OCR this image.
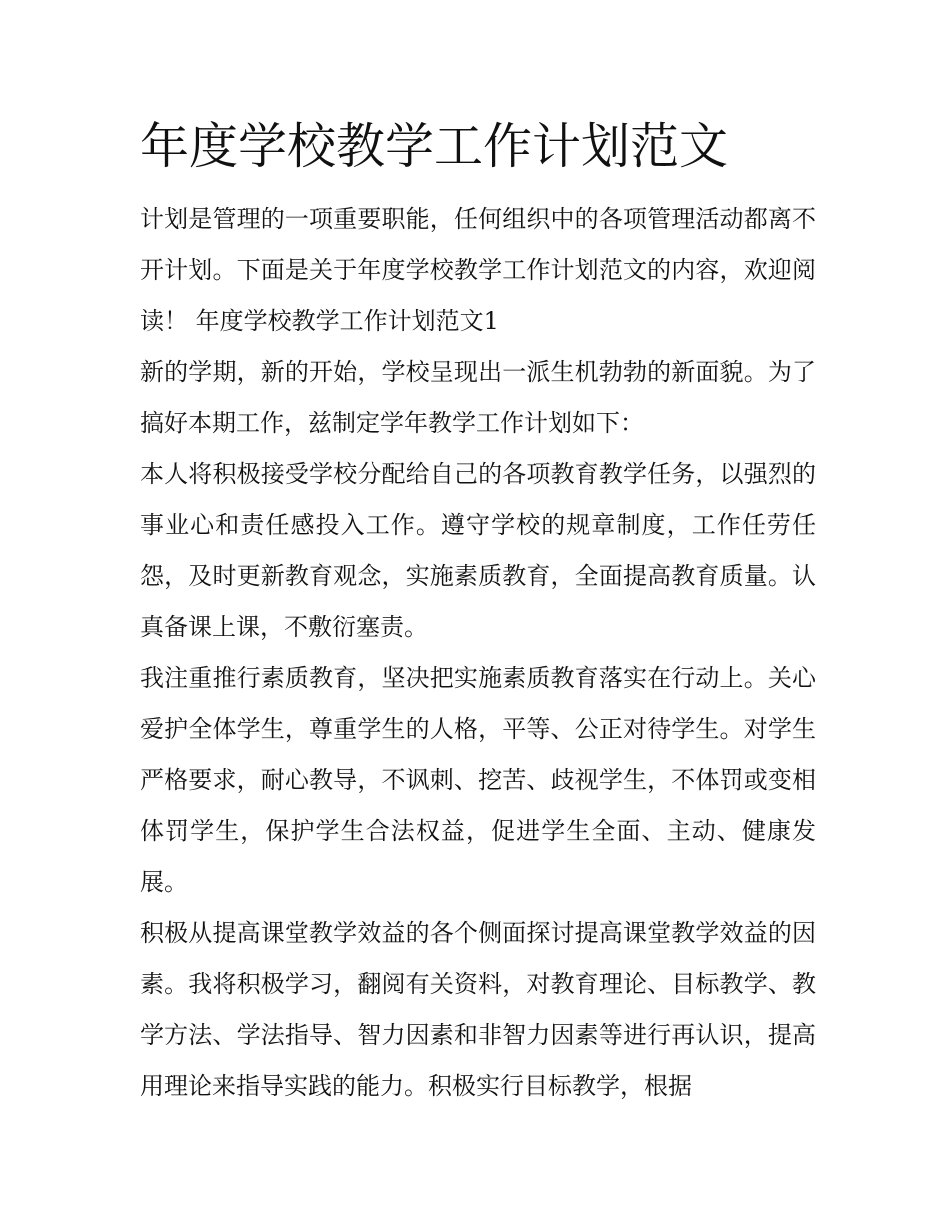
年度学校教学工作计划范文

计划是管理的一项重要职能，任何组织中的各项管理活动都离不开计划。下面是关于年度学校教学工作计划范文的内容，欢迎阅读！ 年度学校教学工作计划范文1

新的学期，新的开始，学校呈现出一派生机勃勃的新面貌。为了搞好本期工作，兹制定学年教学工作计划如下：

本人将积极接受学校分配给自己的各项教育教学任务，以强烈的事业心和责任感投入工作。遵守学校的规章制度，工作任劳任怨，及时更新教育观念，实施素质教育，全面提高教育质量。认真备课上课，不敷衍塞责。

我注重推行素质教育，坚决把实施素质教育落实在行动上。关心爱护全体学生，尊重学生的人格，平等、公正对待学生。对学生严格要求，耐心教导，不讽刺、挖苦、歧视学生，不体罚或变相体罚学生，保护学生合法权益，促进学生全面、主动、健康发展。

积极从提高课堂教学效益的各个侧面探讨提高课堂教学效益的因素。我将积极学习，翻阅有关资料，对教育理论、目标教学、教学方法、学法指导、智力因素和非智力因素等进行再认识，提高用理论来指导实践的能力。积极实行目标教学，根据
